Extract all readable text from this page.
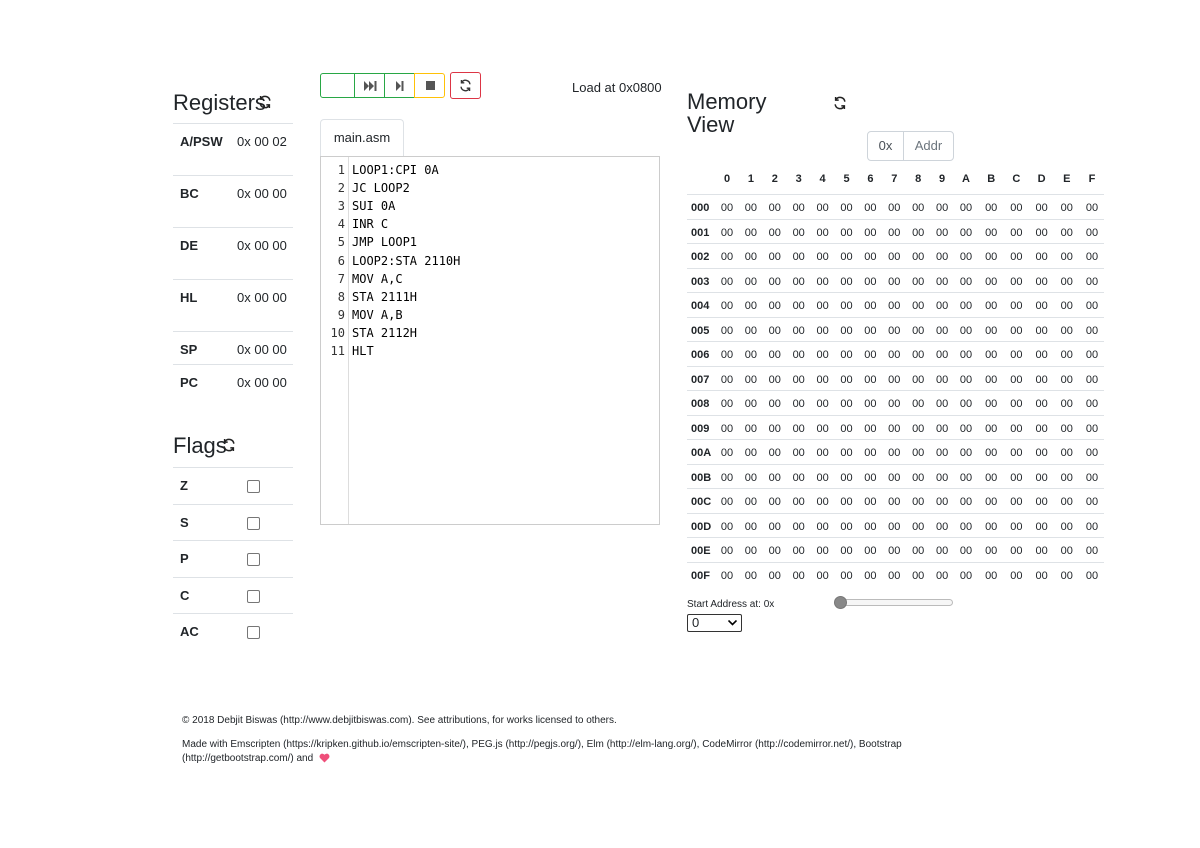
Registers
A/PSW 0x 00 02
BC	0x 00 00
DE	0x 00 00
HL	0x 00 00
SP	0x 00 00
PC	0x 00 00
Flags
Z
S
P
C
AC
Load at 0x0800
main.asm
1
2
3
4
5
6
7
8
9
10
11
LOOP1:CPI 0A
JC LOOP2
SUI 0A
INR C
JMP LOOP1
LOOP2:STA 2110H
MOV A,C
STA 2111H
MOV A,B
STA 2112H
HLT
Memory
View
0x	Addr
0	1	2	3	4	5	6	7	8	9	A	B	C	D	E	F
000	00	00	00	00	00	00	00	00	00	00	00	00	00	00	00	00
001	00	00	00	00	00	00	00	00	00	00	00	00	00	00	00	00
002	00	00	00	00	00	00	00	00	00	00	00	00	00	00	00	00
003	00	00	00	00	00	00	00	00	00	00	00	00	00	00	00	00
004	00	00	00	00	00	00	00	00	00	00	00	00	00	00	00	00
005	00	00	00	00	00	00	00	00	00	00	00	00	00	00	00	00
006	00	00	00	00	00	00	00	00	00	00	00	00	00	00	00	00
007	00	00	00	00	00	00	00	00	00	00	00	00	00	00	00	00
008	00	00	00	00	00	00	00	00	00	00	00	00	00	00	00	00
009	00	00	00	00	00	00	00	00	00	00	00	00	00	00	00	00
00A 00	00	00	00	00	00	00	00	00	00	00	00	00	00	00	00
00B 00	00	00	00	00	00	00	00	00	00	00	00	00	00	00	00
00C 00	00	00	00	00	00	00	00	00	00	00	00	00	00	00	00
00D 00	00	00	00	00	00	00	00	00	00	00	00	00	00	00	00
00E 00	00	00	00	00	00	00	00	00	00	00	00	00	00	00	00
00F 00	00	00	00	00	00	00	00	00	00	00	00	00	00	00	00
Start Address at: 0x
0
© 2018 Debjit Biswas (http://www.debjitbiswas.com). See attributions, for works licensed to others.
Made with Emscripten (https://kripken.github.io/emscripten-site/), PEG.js (http://pegjs.org/), Elm (http://elm-lang.org/), CodeMirror (http://codemirror.net/), Bootstrap
(http://getbootstrap.com/) and
